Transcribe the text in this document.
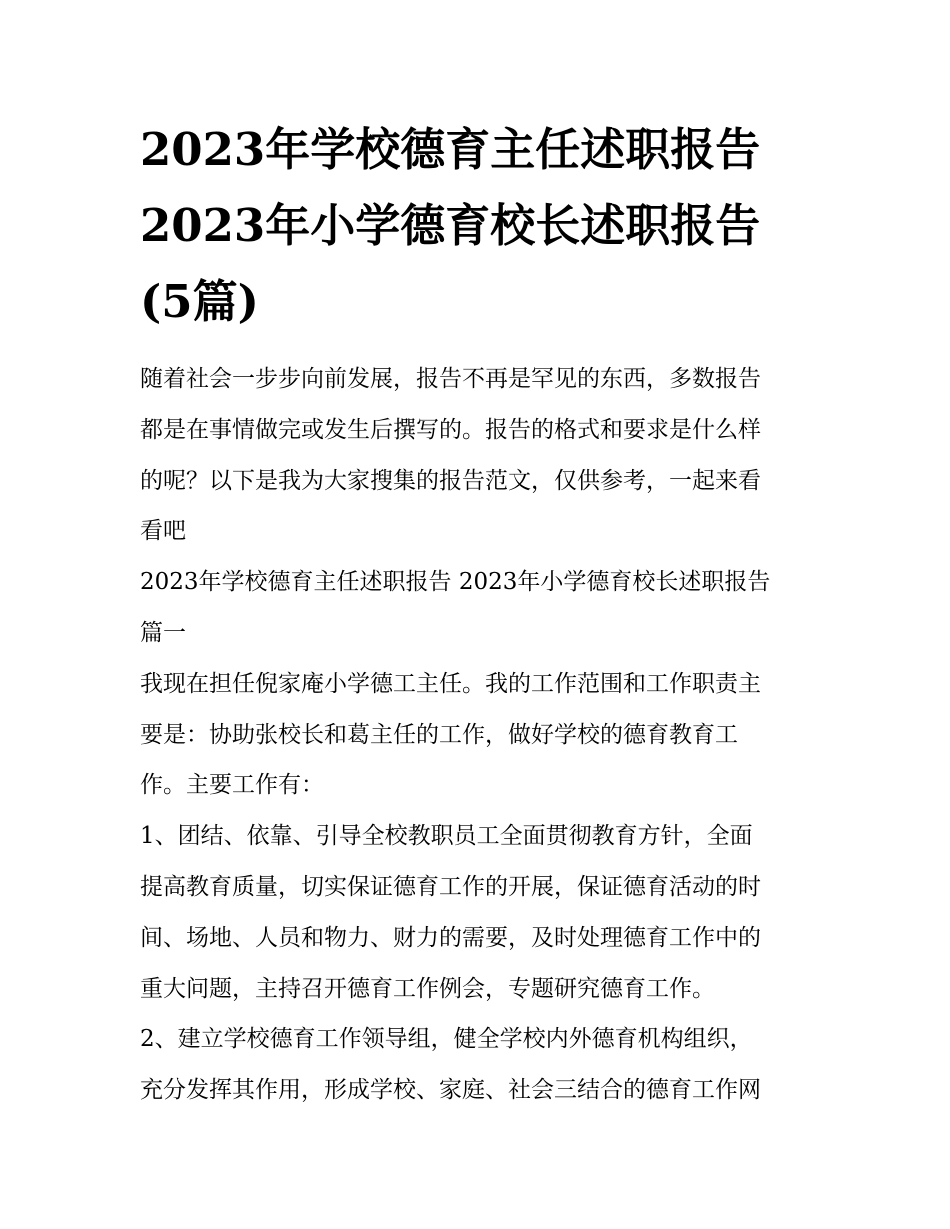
2023年学校德育主任述职报告
2023年小学德育校长述职报告
(5篇)

随着社会一步步向前发展，报告不再是罕见的东西，多数报告
都是在事情做完或发生后撰写的。报告的格式和要求是什么样
的呢？以下是我为大家搜集的报告范文，仅供参考，一起来看
看吧

2023年学校德育主任述职报告 2023年小学德育校长述职报告
篇一

我现在担任倪家庵小学德工主任。我的工作范围和工作职责主
要是：协助张校长和葛主任的工作，做好学校的德育教育工
作。主要工作有：

1、团结、依靠、引导全校教职员工全面贯彻教育方针，全面
提高教育质量，切实保证德育工作的开展，保证德育活动的时
间、场地、人员和物力、财力的需要，及时处理德育工作中的
重大问题，主持召开德育工作例会，专题研究德育工作。

2、建立学校德育工作领导组，健全学校内外德育机构组织，
充分发挥其作用，形成学校、家庭、社会三结合的德育工作网
